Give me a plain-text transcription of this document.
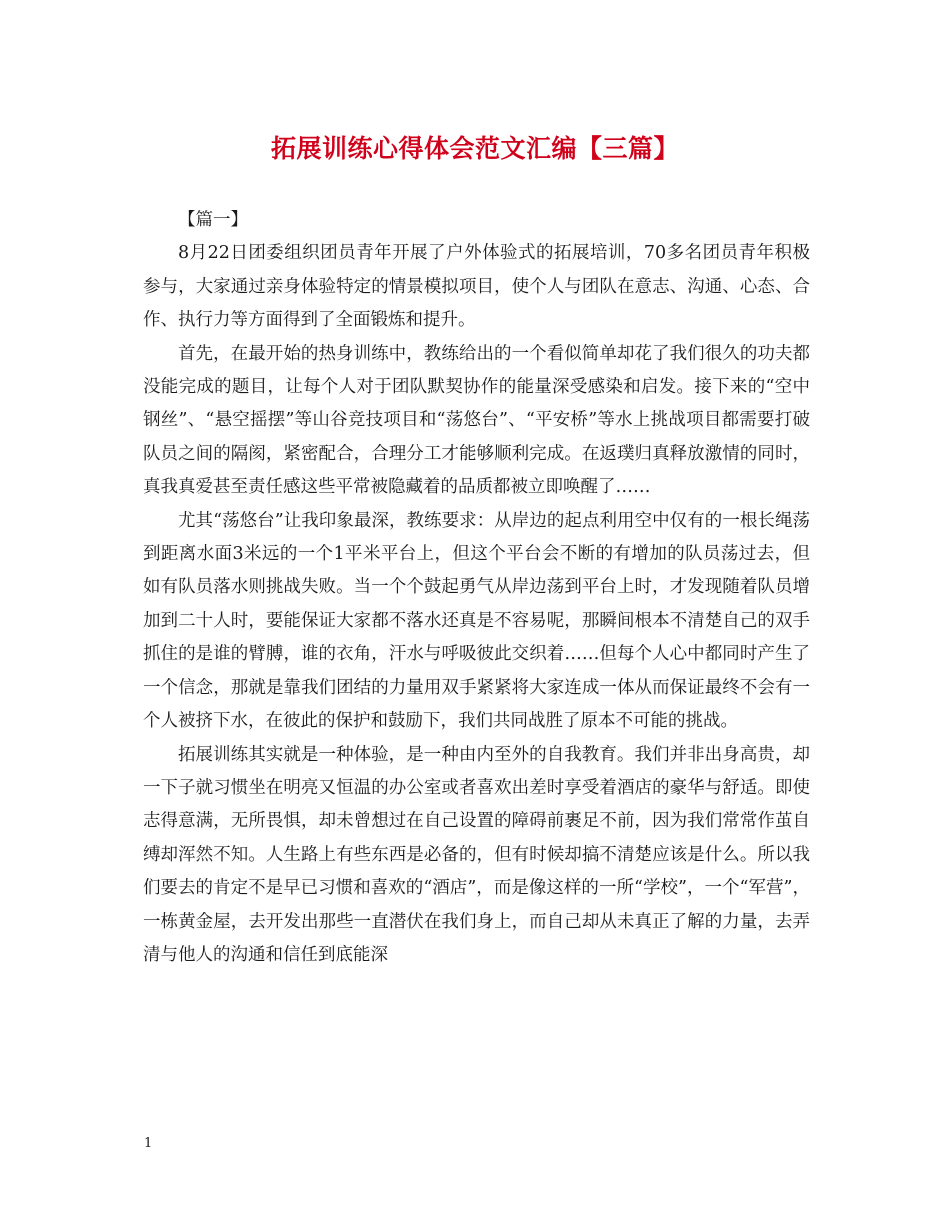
拓展训练心得体会范文汇编【三篇】

【篇一】

8月22日团委组织团员青年开展了户外体验式的拓展培训，70多名团员青年积极参与，大家通过亲身体验特定的情景模拟项目，使个人与团队在意志、沟通、心态、合作、执行力等方面得到了全面锻炼和提升。

首先，在最开始的热身训练中，教练给出的一个看似简单却花了我们很久的功夫都没能完成的题目，让每个人对于团队默契协作的能量深受感染和启发。接下来的“空中钢丝”、“悬空摇摆”等山谷竞技项目和“荡悠台”、“平安桥”等水上挑战项目都需要打破队员之间的隔阂，紧密配合，合理分工才能够顺利完成。在返璞归真释放激情的同时，真我真爱甚至责任感这些平常被隐藏着的品质都被立即唤醒了……

尤其“荡悠台”让我印象最深，教练要求：从岸边的起点利用空中仅有的一根长绳荡到距离水面3米远的一个1平米平台上，但这个平台会不断的有增加的队员荡过去，但如有队员落水则挑战失败。当一个个鼓起勇气从岸边荡到平台上时，才发现随着队员增加到二十人时，要能保证大家都不落水还真是不容易呢，那瞬间根本不清楚自己的双手抓住的是谁的臂膊，谁的衣角，汗水与呼吸彼此交织着……但每个人心中都同时产生了一个信念，那就是靠我们团结的力量用双手紧紧将大家连成一体从而保证最终不会有一个人被挤下水，在彼此的保护和鼓励下，我们共同战胜了原本不可能的挑战。

拓展训练其实就是一种体验，是一种由内至外的自我教育。我们并非出身高贵，却一下子就习惯坐在明亮又恒温的办公室或者喜欢出差时享受着酒店的豪华与舒适。即使志得意满，无所畏惧，却未曾想过在自己设置的障碍前裹足不前，因为我们常常作茧自缚却浑然不知。人生路上有些东西是必备的，但有时候却搞不清楚应该是什么。所以我们要去的肯定不是早已习惯和喜欢的“酒店”，而是像这样的一所“学校”，一个“军营”，一栋黄金屋，去开发出那些一直潜伏在我们身上，而自己却从未真正了解的力量，去弄清与他人的沟通和信任到底能深

1
